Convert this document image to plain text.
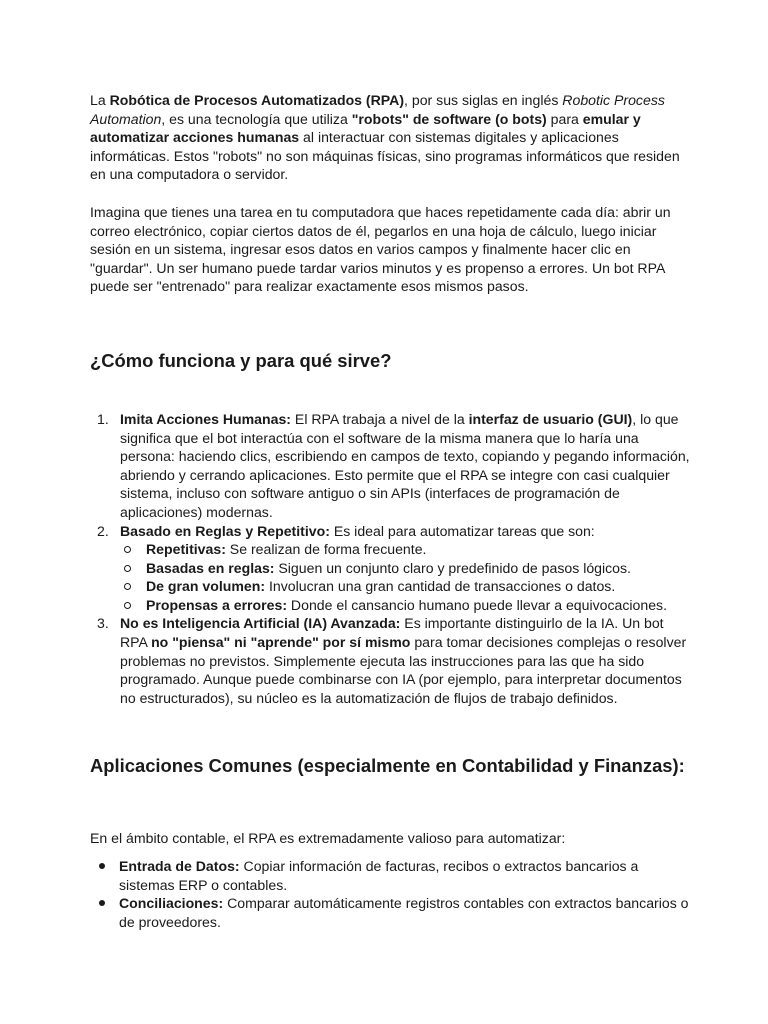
La Robótica de Procesos Automatizados (RPA), por sus siglas en inglés Robotic Process Automation, es una tecnología que utiliza "robots" de software (o bots) para emular y automatizar acciones humanas al interactuar con sistemas digitales y aplicaciones informáticas. Estos "robots" no son máquinas físicas, sino programas informáticos que residen en una computadora o servidor.

Imagina que tienes una tarea en tu computadora que haces repetidamente cada día: abrir un correo electrónico, copiar ciertos datos de él, pegarlos en una hoja de cálculo, luego iniciar sesión en un sistema, ingresar esos datos en varios campos y finalmente hacer clic en "guardar". Un ser humano puede tardar varios minutos y es propenso a errores. Un bot RPA puede ser "entrenado" para realizar exactamente esos mismos pasos.

¿Cómo funciona y para qué sirve?
1. Imita Acciones Humanas: El RPA trabaja a nivel de la interfaz de usuario (GUI), lo que significa que el bot interactúa con el software de la misma manera que lo haría una persona: haciendo clics, escribiendo en campos de texto, copiando y pegando información, abriendo y cerrando aplicaciones. Esto permite que el RPA se integre con casi cualquier sistema, incluso con software antiguo o sin APIs (interfaces de programación de aplicaciones) modernas.
2. Basado en Reglas y Repetitivo: Es ideal para automatizar tareas que son:
Repetitivas: Se realizan de forma frecuente.
Basadas en reglas: Siguen un conjunto claro y predefinido de pasos lógicos.
De gran volumen: Involucran una gran cantidad de transacciones o datos.
Propensas a errores: Donde el cansancio humano puede llevar a equivocaciones.
3. No es Inteligencia Artificial (IA) Avanzada: Es importante distinguirlo de la IA. Un bot RPA no "piensa" ni "aprende" por sí mismo para tomar decisiones complejas o resolver problemas no previstos. Simplemente ejecuta las instrucciones para las que ha sido programado. Aunque puede combinarse con IA (por ejemplo, para interpretar documentos no estructurados), su núcleo es la automatización de flujos de trabajo definidos.
Aplicaciones Comunes (especialmente en Contabilidad y Finanzas):

En el ámbito contable, el RPA es extremadamente valioso para automatizar:

Entrada de Datos: Copiar información de facturas, recibos o extractos bancarios a sistemas ERP o contables.
Conciliaciones: Comparar automáticamente registros contables con extractos bancarios o de proveedores.
